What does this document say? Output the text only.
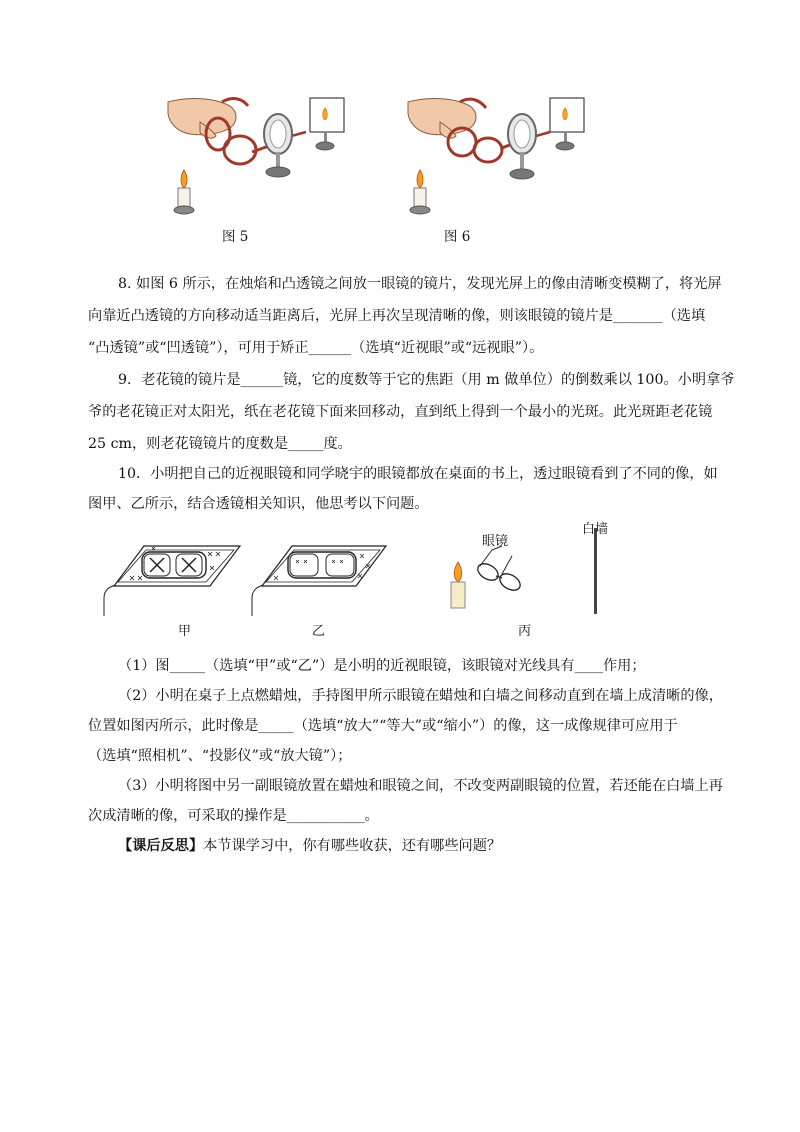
图 5	图 6
8. 如图 6 所示，在烛焰和凸透镜之间放一眼镜的镜片，发现光屏上的像由清晰变模糊了，将光屏
向靠近凸透镜的方向移动适当距离后，光屏上再次呈现清晰的像，则该眼镜的镜片是_______（选填
“凸透镜”或“凹透镜”），可用于矫正______（选填“近视眼”或“远视眼”）。
9．老花镜的镜片是______镜，它的度数等于它的焦距（用 m 做单位）的倒数乘以 100。小明拿爷
爷的老花镜正对太阳光，纸在老花镜下面来回移动，直到纸上得到一个最小的光斑。此光斑距老花镜
25 cm，则老花镜镜片的度数是_____度。
10．小明把自己的近视眼镜和同学晓宇的眼镜都放在桌面的书上，透过眼镜看到了不同的像，如
图甲、乙所示，结合透镜相关知识，他思考以下问题。
甲	乙
眼镜
白墙
丙
（1）图_____（选填“甲”或“乙”）是小明的近视眼镜，该眼镜对光线具有____作用；
（2）小明在桌子上点燃蜡烛，手持图甲所示眼镜在蜡烛和白墙之间移动直到在墙上成清晰的像，
位置如图丙所示，此时像是_____（选填“放大”“等大”或“缩小”）的像，这一成像规律可应用于
（选填“照相机”、“投影仪”或“放大镜”）；
（3）小明将图中另一副眼镜放置在蜡烛和眼镜之间，不改变两副眼镜的位置，若还能在白墙上再
次成清晰的像，可采取的操作是___________。
【课后反思】本节课学习中，你有哪些收获，还有哪些问题？
